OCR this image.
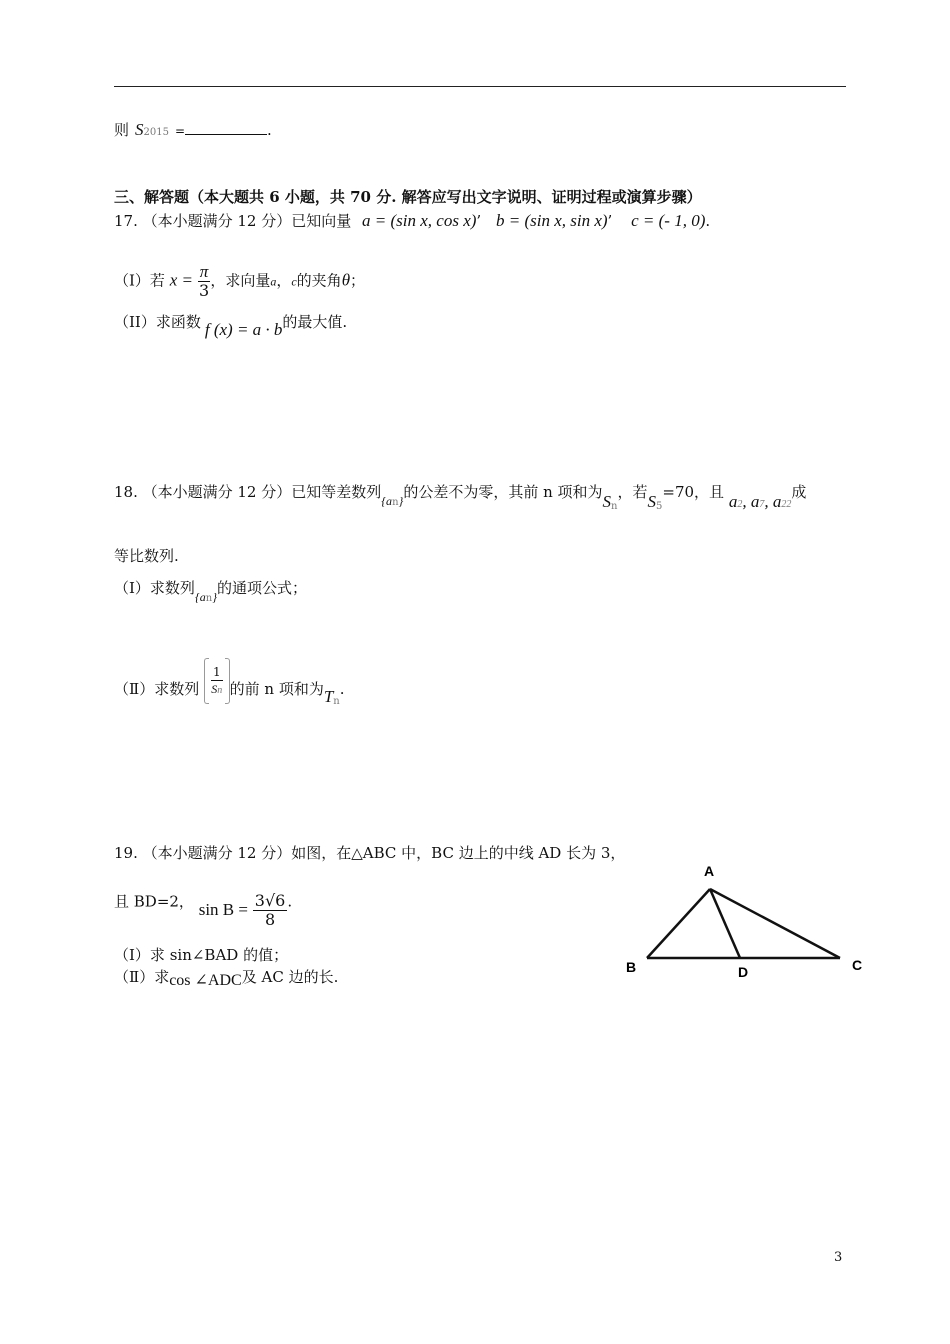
则 S2015 =	.
三、解答题（本大题共 6 小题，共 70 分. 解答应写出文字说明、证明过程或演算步骤）
17. （本小题满分 12 分）已知向量 a = (sin x, cos x)’ b = (sin x, sin x)’ c = (- 1, 0).
（Ⅰ）若 $x = \frac{\pi}{3}$ ，求向量a，c的夹角θ；
（II）求函数 f (x) = a · b的最大值.
18. （本小题满分 12 分）已知等差数列$_{\{an\}}$的公差不为零，其前 n 项和为$S_n$，若$S_5=70$，且 a2, a7, a22成
等比数列.
（Ⅰ）求数列$_{\{an\}}$的通项公式；
（Ⅱ）求数列 $\frac{1}{Sn}$ 的前 n 项和为$T_n$.
19. （本小题满分 12 分）如图，在△ABC 中，BC 边上的中线 AD 长为 3，
且 BD=2， $\sin B = \frac{3√6}{8}$ .
（Ⅰ）求 sin∠BAD 的值；
（Ⅱ）求cos ∠ADC及 AC 边的长.
A
B	D	C
3
